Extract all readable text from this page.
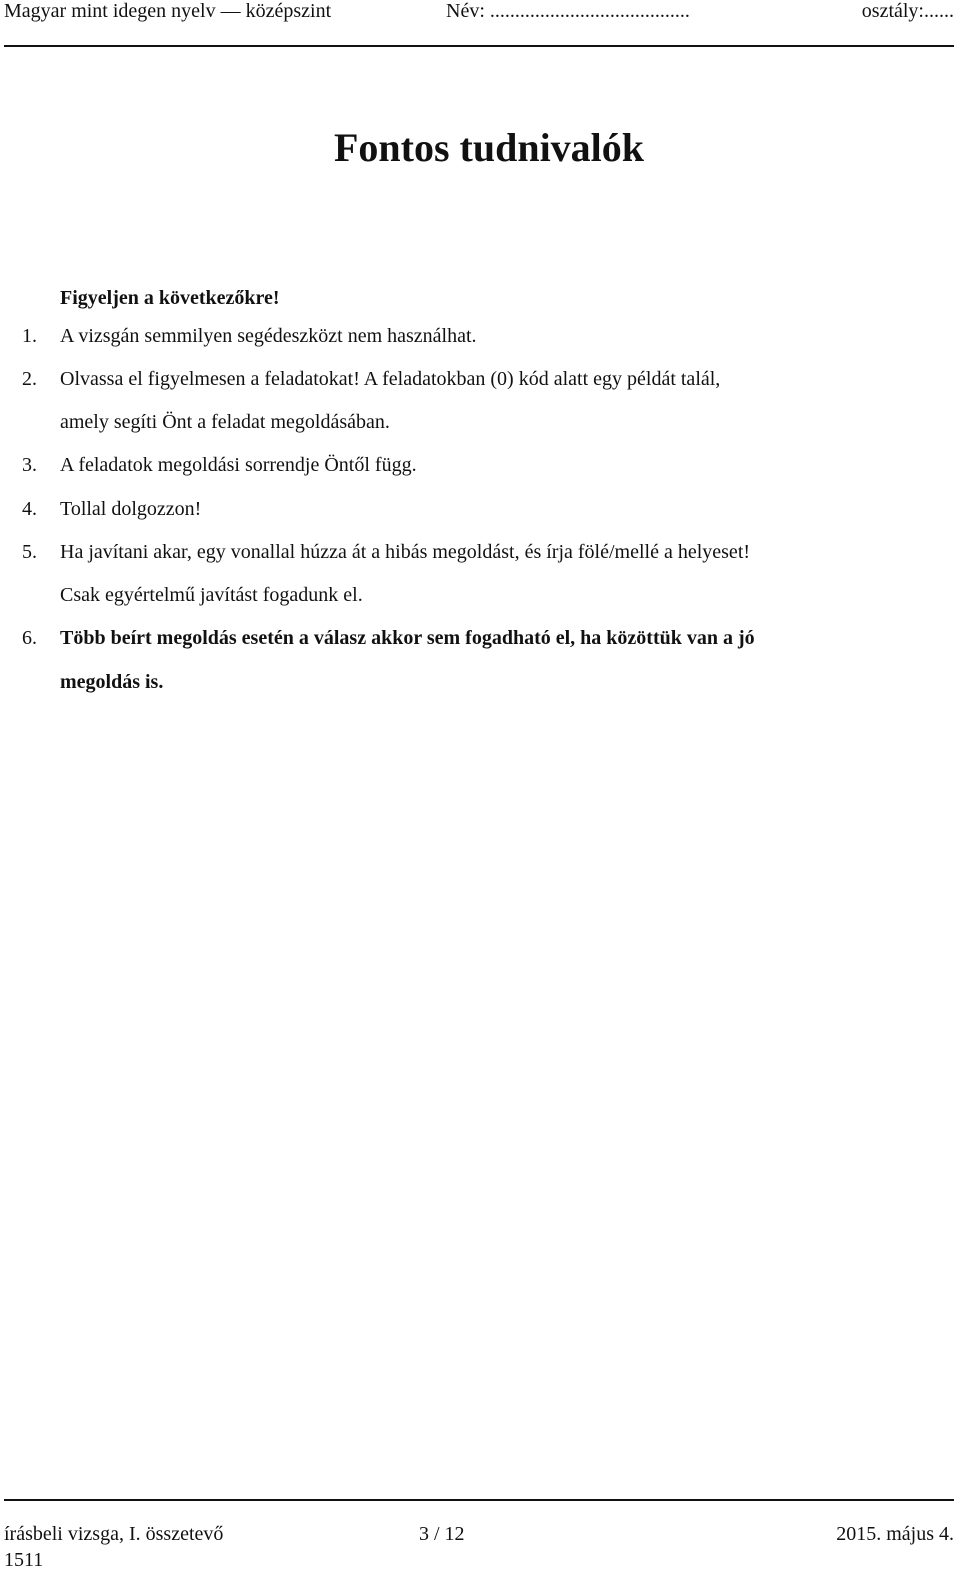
Magyar mint idegen nyelv — középszint	Név: ........................................	osztály:......
Fontos tudnivalók
Figyeljen a következőkre!
1. A vizsgán semmilyen segédeszközt nem használhat.
2. Olvassa el figyelmesen a feladatokat! A feladatokban (0) kód alatt egy példát talál,
amely segíti Önt a feladat megoldásában.
3. A feladatok megoldási sorrendje Öntől függ.
4. Tollal dolgozzon!
5. Ha javítani akar, egy vonallal húzza át a hibás megoldást, és írja fölé/mellé a helyeset!
Csak egyértelmű javítást fogadunk el.
6. Több beírt megoldás esetén a válasz akkor sem fogadható el, ha közöttük van a jó
megoldás is.
írásbeli vizsga, I. összetevő	3 / 12	2015. május 4.
1511
